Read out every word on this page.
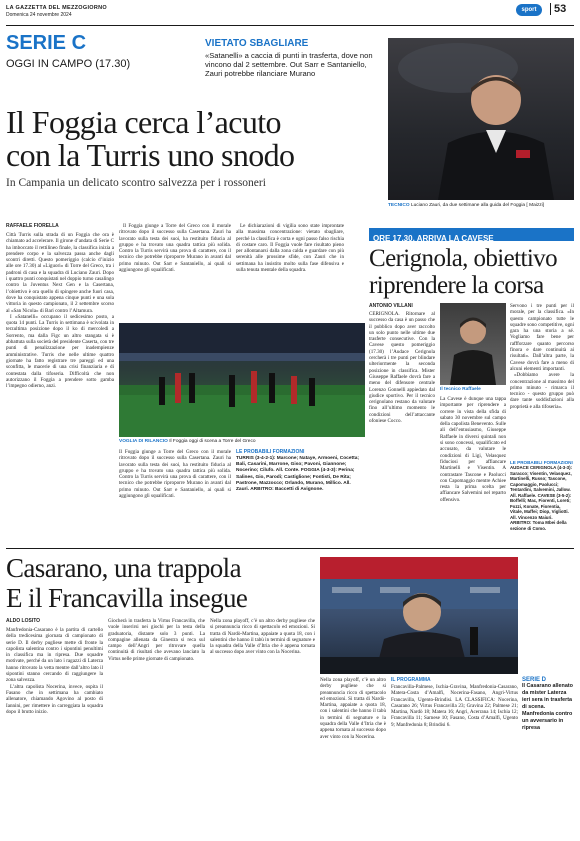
LA GAZZETTA DEL MEZZOGIORNO
Domenica 24 novembre 2024
sport	53
SERIE C
OGGI IN CAMPO (17.30)
VIETATO SBAGLIARE
«Satanelli» a caccia di punti in trasferta, dove non vincono dal 2 settembre. Out Sarr e Santaniello, Zauri potrebbe rilanciare Murano
TECNICO Luciano Zauri, da due settimane alla guida del Foggia [ Maizzi]
Il Foggia cerca l’acuto
con la Turris uno snodo
In Campania un delicato scontro salvezza per i rossoneri
RAFFAELE FIORELLA

Città Turris sulla strada di un Foggia che ora è chiamato ad accelerare. Il girone d’andata di Serie C ha imboccato il rettilineo finale, la classifica inizia a prendere corpo e la salvezza passa anche dagli scontri diretti. Questo pomeriggio (calcio d’inizio alle ore 17.30) al «Liguori» di Torre del Greco, tra i padroni di casa e la squadra di Luciano Zauri. Dopo i quattro punti conquistati nel doppio turno casalingo contro la Juventus Next Gen e la Casertana, l’obiettivo è ora quello di spingere anche fuori casa, dove ha conquistato appena cinque punti e una sola vittoria in questo campionato, il 2 settembre scorso al «San Nicola» di Bari contro l’Altamura.

I «Satanelli» occupano il sedicesimo posto, a quota 14 punti. La Turris in settimana è scivolata in terzultima posizione dopo il ko di mercoledì a Sorrento, ma dalla Figc un altro stangata si è abbattuta sulla società del presidente Caserta, con tre punti di penalizzazione per inadempienze amministrative. Turris che nelle ultime quattro giornate ha fatto registrare tre pareggi ed una sconfitta, le macerie di una crisi finanziaria e di contestata dalla tifoseria. Difficoltà che non autorizzano il Foggia a prendere sotto gamba l’impegno odierno, anzi.

Il Foggia giunge a Torre del Greco con il morale ritrovato dopo il successo sulla Casertana. Zauri ha lavorato sulla testa dei suoi, ha restituito fiducia al gruppo e ha trovato una quadra tattica più solida. Contro la Turris servirà una prova di carattere, con il tecnico che potrebbe riproporre Murano in avanti dal primo minuto. Out Sarr e Santaniello, ai quali si aggiungono gli squalificati.

Le dichiarazioni di vigilia sono state improntate alla massima concentrazione: vietato sbagliare, perché la classifica è corta e ogni passo falso rischia di costare caro. Il Foggia vuole fare risultato pieno per allontanarsi dalla zona calda e guardare con più serenità alle prossime sfide, con Zauri che in settimana ha insistito molto sulla fase difensiva e sulla tenuta mentale della squadra.

VOGLIA DI RILANCIO Il Foggia oggi di scena a Torre del Greco

Il Foggia giunge a Torre del Greco con il morale ritrovato dopo il successo sulla Casertana. Zauri ha lavorato sulla testa dei suoi, ha restituito fiducia al gruppo e ha trovato una quadra tattica più solida. Contro la Turris servirà una prova di carattere, con il tecnico che potrebbe riproporre Murano in avanti dal primo minuto. Out Sarr e Santaniello, ai quali si aggiungono gli squalificati.

LE PROBABILI FORMAZIONI
TURRIS (3-4-2-1): Marcone; Nataye, Armoeni, Cocetta; Bali, Casarini, Marrone, Giso; Pavoni, Giannone; Nocerino; Cilufo. All. Conte. FOGGIA (4-3-3): Perina; Salines, Gio, Parodi; Castiglione; Fontisti, De Rita; Pastrone, Mazzocco; Orlando, Murano, Millico. All. Zauri. ARBITRO: Baccetti di Avignone.
ORE 17.30, ARRIVA LA CAVESE
Cerignola, obiettivo
riprendere la corsa
ANTONIO VILLANI

CERIGNOLA. Ritornare al successo da casa è un passo che il pubblico dopo aver raccolto un solo punto nelle ultime due trasferte consecutive. Con la Cavese questo pomeriggio (17.30) l’Audace Cerignola cercherà i tre punti per blindare ulteriormente la seconda posizione in classifica. Mister Giuseppe Raffaele dovrà fare a meno del difensore centrale Lorenzo Gonnelli appiedato dal giudice sportivo. Per il tecnico cerignolano restano da valutare fino all’ultimo momento le condizioni dell’attaccante ofoniese Cocco.

Il tecnico Raffaele

La Cavese è dunque una tappa importante per riprendere a correre in vista della sfida di sabato 30 novembre sul campo della capolista Benevento. Sulle ali dell’entusiasmo, Giuseppe Raffaele in diversi quintali non si sono concessi, squalificato ed accusato, da valutare le condizioni di Ligi, Velasquez fiduciosi per affiancare Martinelli e Visentin. A contrastare Tascone e Paolucci con Capomaggio mentre Achiee resta la prima scelta per affiancare Salvemini nel reparto offensivo.

Servono i tre punti per il morale, per la classifica. «In questo campionato tutte le squadre sono competitive, ogni gara ha una storia a sé. Vogliamo fare bene per raffforzare quanto percorso finora e dare continuità ai risultati». Dall’altra parte, la Cavese dovrà fare a meno di alcuni elementi importanti.

«Dobbiamo avere la concentrazione al massimo del primo minuto - rimarca il tecnico - questo gruppo può dare tante soddisfazioni alla proprietà e alla tifoseria».

LE PROBABILI FORMAZIONI
AUDACE CERIGNOLA (4-3-3): Saracco; Visentin, Velasquez, Martinelli, Russo; Tascone, Capomaggio, Paolucci; Tentardini, Salvemini, Jallow. All. Raffaele. CAVESE (3-5-2): Boffelli; Mac, Fiorenti, Loreti; Fozzi, Konate, Fiorentia, Vitale, Maffei; Diop, Vigliotti. All. Vincenzo Maiuri. ARBITRO: Toma Mbei della sezione di Como.
Casarano, una trappola
E il Francavilla insegue
SERIE D
Il Casarano allenato da mister Laterza ieri sera in trasferta di scena. Manfredonia contro un avversario in ripresa
ALDO LOSITO

Manfredonia-Casarano è la partita di cartello della tredicesima giornata di campionato di serie D. Il derby pugliese mette di fronte la capolista salentina contro i sipontini penultimi in classifica ma in ripresa. Due squadre motivate, perché da un lato i ragazzi di Laterza hanno ritrovato la vetta mentre dall’altro lato il sipontini stanno cercando di raggiungere la zona salvezza.

L’altra capolista Nocerina, invece, ospita il Fasano che in settimana ha cambiato allenatore, chiamando Agovino al posto di Iannini, per rimettere in carreggiata la squadra dopo il brutto inizio.

Giocherà in trasferta la Virtus Francavilla, che vuole inserirsi nei giochi per la testa della graduatoria, distante solo 3 punti. La compagine allenata da Ginestra si reca sul campo dell’Angri per ritrovare quella continuità di risultati che avevano lanciato la Virtus nelle prime giornate di campionato.

Nella zona playoff, c’è un altro derby pugliese che si preannuncia ricco di spettacolo ed emozioni. Si tratta di Nardò-Martina, appaiate a quota 18, con i salentini che hanno il tabù in termini di segnature e la squadra della Valle d’Itria che è appena tornata al successo dopo aver vinto con la Nocerina.

Nella zona playoff, c’è un altro derby pugliese che si preannuncia ricco di spettacolo ed emozioni. Si tratta di Nardò-Martina, appaiate a quota 18, con i salentini che hanno il tabù in termini di segnature e la squadra della Valle d’Itria che è appena tornata al successo dopo aver vinto con la Nocerina.

IL PROGRAMMA
Francavilla-Palmese, Ischia-Gravina, Manfredonia-Casarano, Matera-Costa d’Amalfi, Nocerina-Fasano, Angri-Virtus Francavilla, Ugento-Brindisi. LA CLASSIFICA: Nocerina, Casarano 26; Virtus Francavilla 23; Gravina 22; Palmese 21; Martina, Nardò 18; Matera 16; Angri, Acerrana 14; Ischia 12; Francavilla 11; Sarnese 10; Fasano, Costa d’Amalfi, Ugento 9; Manfredonia 8; Brindisi 6.
